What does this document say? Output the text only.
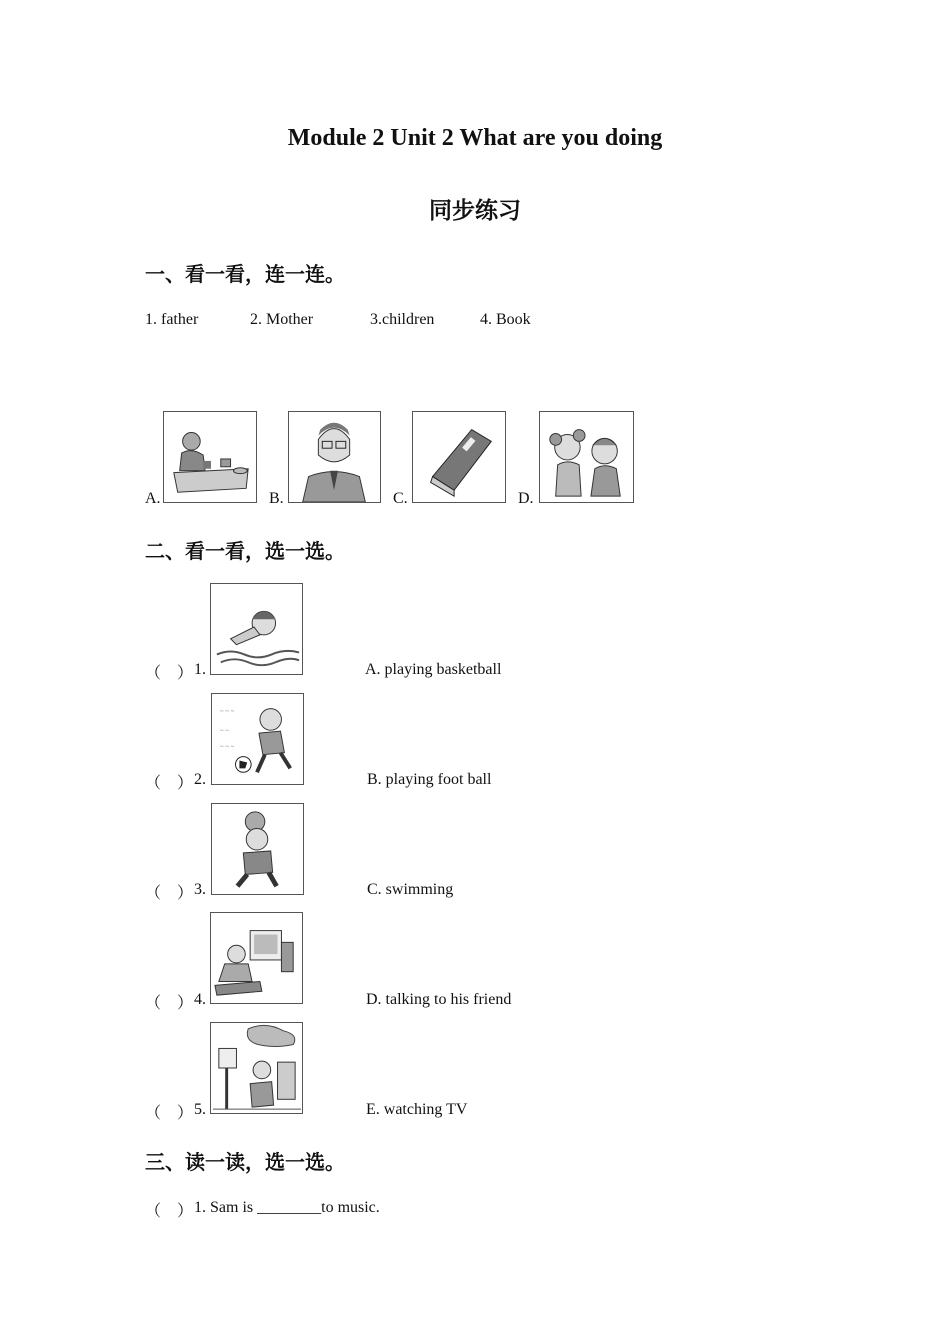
Module 2 Unit 2 What are you doing
同步练习
一、看一看，连一连。
1. father	2. Mother	3.children	4. Book
A.	B.	C.	D.
二、看一看，选一选。
（　） 1.	A. playing basketball
（　） 2.
~ ~ ~
~ ~
~ ~ ~
B. playing foot ball
（　） 3.	C. swimming
（　） 4.	D. talking to his friend
（　） 5.	E. watching TV
三、读一读，选一选。
（　） 1. Sam is ________to music.
